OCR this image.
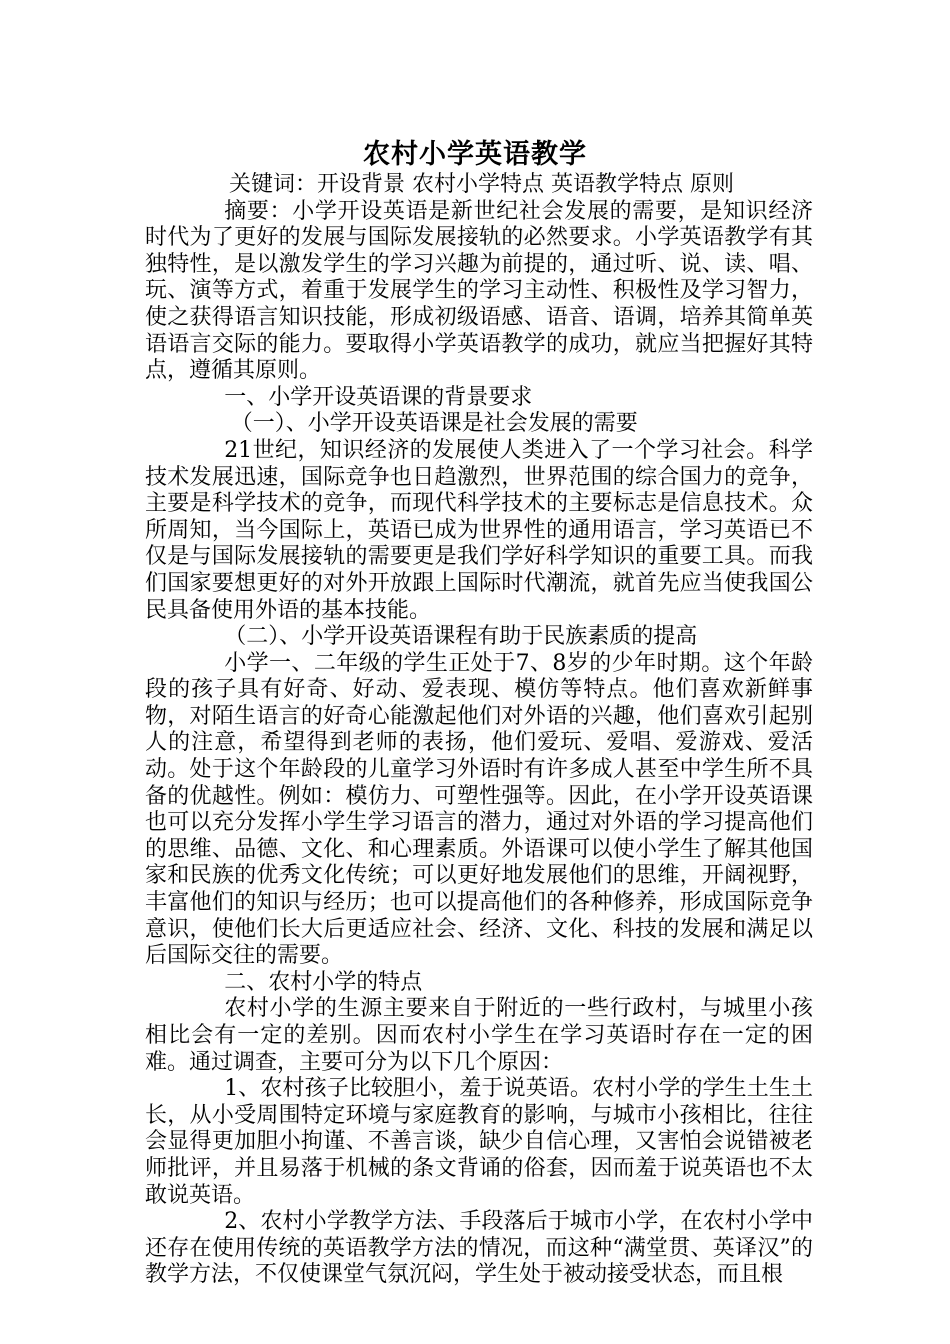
农村小学英语教学

关键词：开设背景 农村小学特点 英语教学特点 原则

摘要：小学开设英语是新世纪社会发展的需要，是知识经济时代为了更好的发展与国际发展接轨的必然要求。小学英语教学有其独特性，是以激发学生的学习兴趣为前提的，通过听、说、读、唱、玩、演等方式，着重于发展学生的学习主动性、积极性及学习智力，使之获得语言知识技能，形成初级语感、语音、语调，培养其简单英语语言交际的能力。要取得小学英语教学的成功，就应当把握好其特点，遵循其原则。

一、小学开设英语课的背景要求

（一）、小学开设英语课是社会发展的需要

21世纪，知识经济的发展使人类进入了一个学习社会。科学技术发展迅速，国际竞争也日趋激烈，世界范围的综合国力的竞争，主要是科学技术的竞争，而现代科学技术的主要标志是信息技术。众所周知，当今国际上，英语已成为世界性的通用语言，学习英语已不仅是与国际发展接轨的需要更是我们学好科学知识的重要工具。而我们国家要想更好的对外开放跟上国际时代潮流，就首先应当使我国公民具备使用外语的基本技能。

（二）、小学开设英语课程有助于民族素质的提高

小学一、二年级的学生正处于7、8岁的少年时期。这个年龄段的孩子具有好奇、好动、爱表现、模仿等特点。他们喜欢新鲜事物，对陌生语言的好奇心能激起他们对外语的兴趣，他们喜欢引起别人的注意，希望得到老师的表扬，他们爱玩、爱唱、爱游戏、爱活动。处于这个年龄段的儿童学习外语时有许多成人甚至中学生所不具备的优越性。例如：模仿力、可塑性强等。因此，在小学开设英语课也可以充分发挥小学生学习语言的潜力，通过对外语的学习提高他们的思维、品德、文化、和心理素质。外语课可以使小学生了解其他国家和民族的优秀文化传统；可以更好地发展他们的思维，开阔视野，丰富他们的知识与经历；也可以提高他们的各种修养，形成国际竞争意识，使他们长大后更适应社会、经济、文化、科技的发展和满足以后国际交往的需要。

二、农村小学的特点

农村小学的生源主要来自于附近的一些行政村，与城里小孩相比会有一定的差别。因而农村小学生在学习英语时存在一定的困难。通过调查，主要可分为以下几个原因：

1、农村孩子比较胆小，羞于说英语。农村小学的学生土生土长，从小受周围特定环境与家庭教育的影响，与城市小孩相比，往往会显得更加胆小拘谨、不善言谈，缺少自信心理，又害怕会说错被老师批评，并且易落于机械的条文背诵的俗套，因而羞于说英语也不太敢说英语。

2、农村小学教学方法、手段落后于城市小学，在农村小学中还存在使用传统的英语教学方法的情况，而这种“满堂贯、英译汉”的教学方法，不仅使课堂气氛沉闷，学生处于被动接受状态，而且根
